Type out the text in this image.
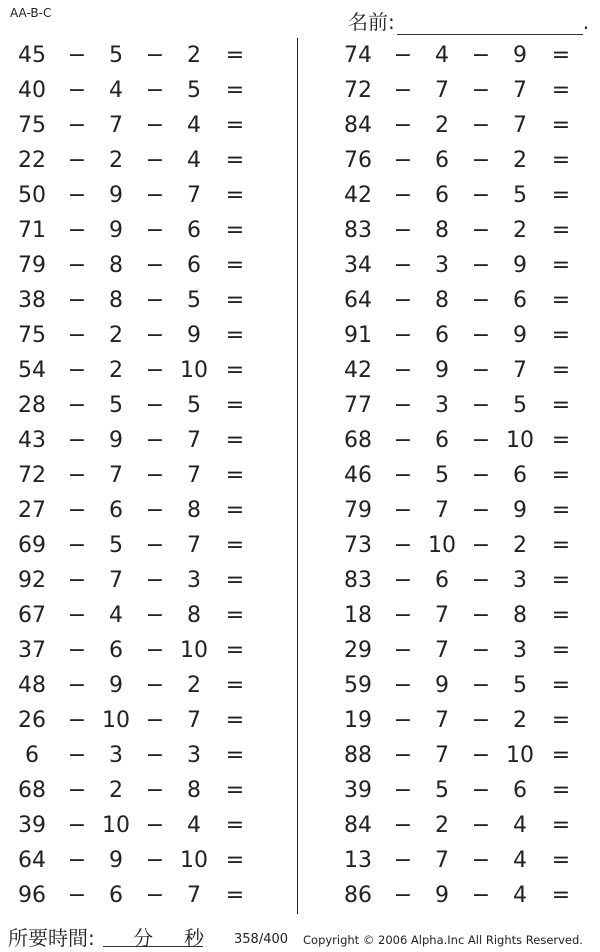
AA-B-C	名前:	.
45 −	5	−	2	=
40 −	4	−	5	=
75 −	7	−	4	=
22 −	2	−	4	=
50 −	9	−	7	=
71 −	9	−	6	=
79 −	8	−	6	=
38 −	8	−	5	=
75 −	2	−	9	=
54 −	2	− 10 =
28 −	5	−	5	=
43 −	9	−	7	=
72 −	7	−	7	=
27 −	6	−	8	=
69 −	5	−	7	=
92 −	7	−	3	=
67 −	4	−	8	=
37 −	6	− 10 =
48 −	9	−	2	=
26 − 10 −	7	=
6	−	3	−	3	=
68 −	2	−	8	=
39 − 10 −	4	=
64 −	9	− 10 =
96 −	6	−	7	=
74 −	4	−	9	=
72 −	7	−	7	=
84 −	2	−	7	=
76 −	6	−	2	=
42 −	6	−	5	=
83 −	8	−	2	=
34 −	3	−	9	=
64 −	8	−	6	=
91 −	6	−	9	=
42 −	9	−	7	=
77 −	3	−	5	=
68 −	6	− 10 =
46 −	5	−	6	=
79 −	7	−	9	=
73 − 10 −	2	=
83 −	6	−	3	=
18 −	7	−	8	=
29 −	7	−	3	=
59 −	9	−	5	=
19 −	7	−	2	=
88 −	7	− 10 =
39 −	5	−	6	=
84 −	2	−	4	=
13 −	7	−	4	=
86 −	9	−	4	=
所要時間: 分 秒 358/400 Copyright © 2006 Alpha.Inc All Rights Reserved.
